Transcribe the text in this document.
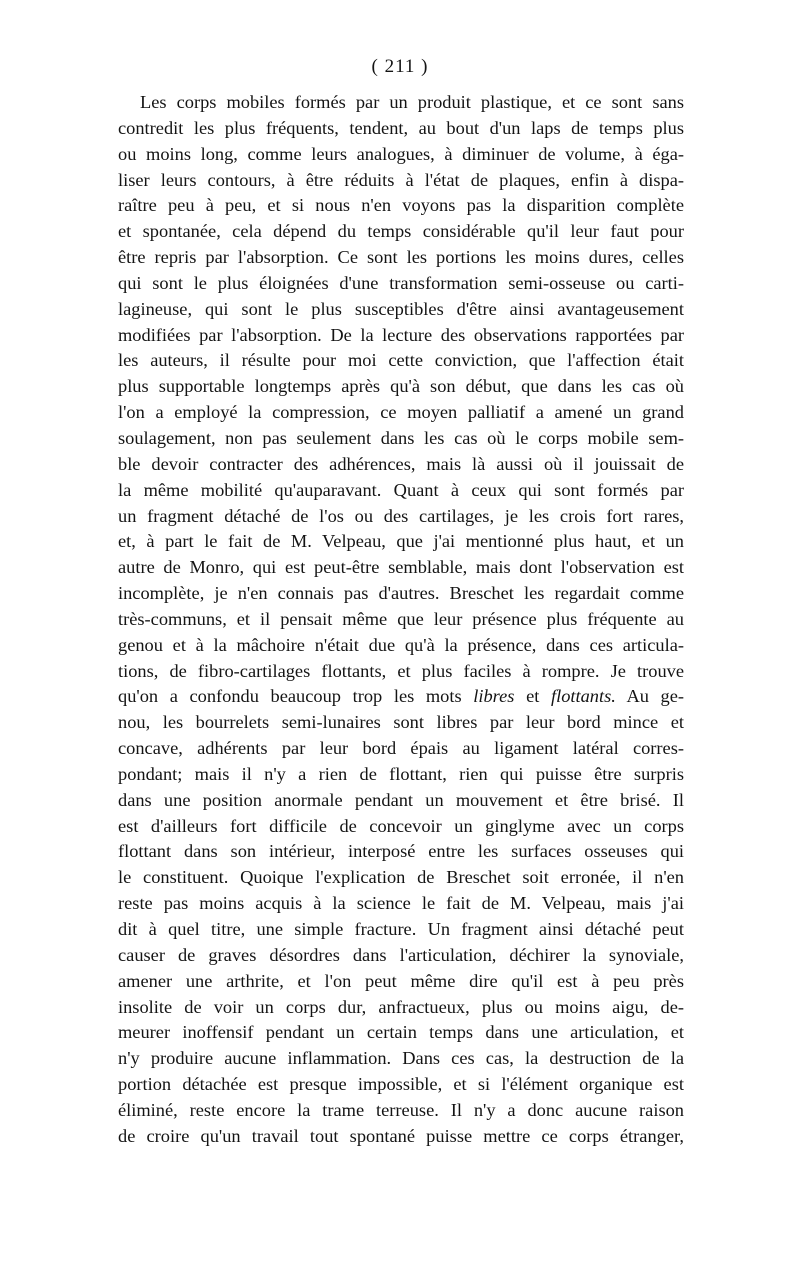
( 211 )
Les corps mobiles formés par un produit plastique, et ce sont sans
contredit les plus fréquents, tendent, au bout d'un laps de temps plus
ou moins long, comme leurs analogues, à diminuer de volume, à éga-
liser leurs contours, à être réduits à l'état de plaques, enfin à dispa-
raître peu à peu, et si nous n'en voyons pas la disparition complète
et spontanée, cela dépend du temps considérable qu'il leur faut pour
être repris par l'absorption. Ce sont les portions les moins dures, celles
qui sont le plus éloignées d'une transformation semi-osseuse ou carti-
lagineuse, qui sont le plus susceptibles d'être ainsi avantageusement
modifiées par l'absorption. De la lecture des observations rapportées par
les auteurs, il résulte pour moi cette conviction, que l'affection était
plus supportable longtemps après qu'à son début, que dans les cas où
l'on a employé la compression, ce moyen palliatif a amené un grand
soulagement, non pas seulement dans les cas où le corps mobile sem-
ble devoir contracter des adhérences, mais là aussi où il jouissait de
la même mobilité qu'auparavant. Quant à ceux qui sont formés par
un fragment détaché de l'os ou des cartilages, je les crois fort rares,
et, à part le fait de M. Velpeau, que j'ai mentionné plus haut, et un
autre de Monro, qui est peut-être semblable, mais dont l'observation est
incomplète, je n'en connais pas d'autres. Breschet les regardait comme
très-communs, et il pensait même que leur présence plus fréquente au
genou et à la mâchoire n'était due qu'à la présence, dans ces articula-
tions, de fibro-cartilages flottants, et plus faciles à rompre. Je trouve
qu'on a confondu beaucoup trop les mots libres et flottants. Au ge-
nou, les bourrelets semi-lunaires sont libres par leur bord mince et
concave, adhérents par leur bord épais au ligament latéral corres-
pondant; mais il n'y a rien de flottant, rien qui puisse être surpris
dans une position anormale pendant un mouvement et être brisé. Il
est d'ailleurs fort difficile de concevoir un ginglyme avec un corps
flottant dans son intérieur, interposé entre les surfaces osseuses qui
le constituent. Quoique l'explication de Breschet soit erronée, il n'en
reste pas moins acquis à la science le fait de M. Velpeau, mais j'ai
dit à quel titre, une simple fracture. Un fragment ainsi détaché peut
causer de graves désordres dans l'articulation, déchirer la synoviale,
amener une arthrite, et l'on peut même dire qu'il est à peu près
insolite de voir un corps dur, anfractueux, plus ou moins aigu, de-
meurer inoffensif pendant un certain temps dans une articulation, et
n'y produire aucune inflammation. Dans ces cas, la destruction de la
portion détachée est presque impossible, et si l'élément organique est
éliminé, reste encore la trame terreuse. Il n'y a donc aucune raison
de croire qu'un travail tout spontané puisse mettre ce corps étranger,
